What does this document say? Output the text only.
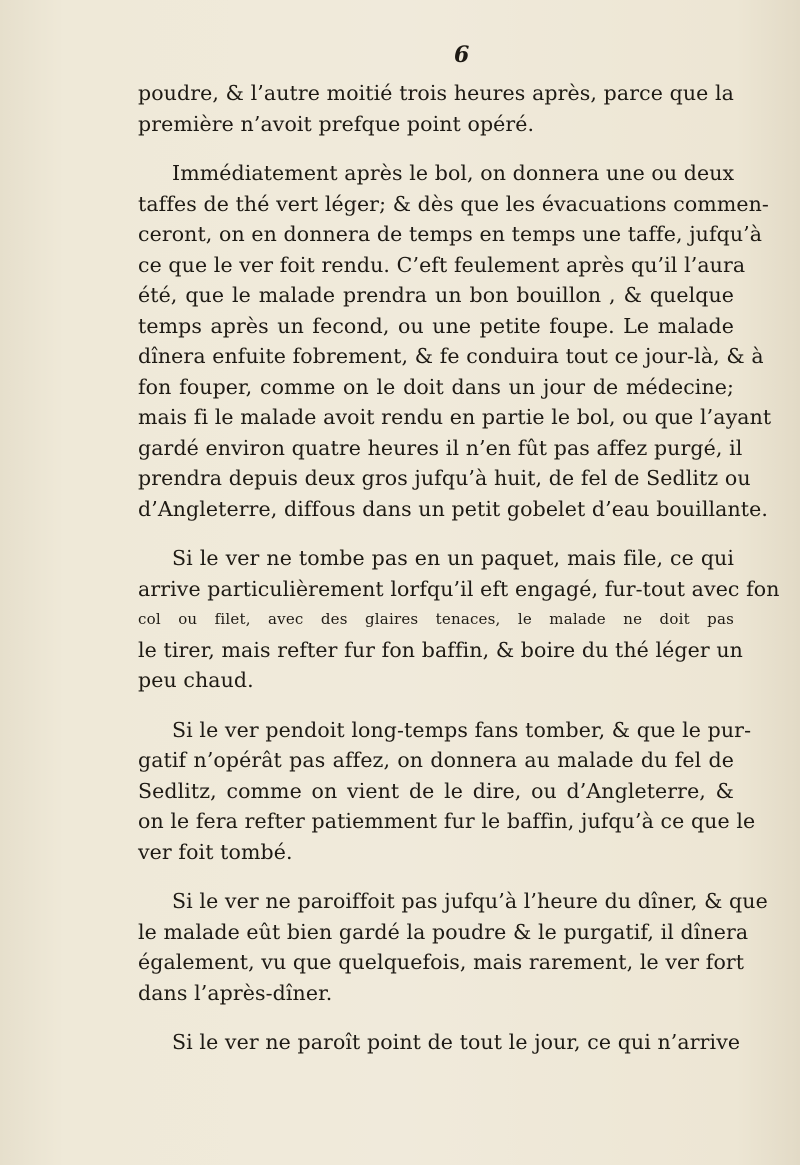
6

poudre, & l’autre moitié trois heures après, parce que la
première n’avoit prefque point opéré.

Immédiatement après le bol, on donnera une ou deux
taffes de thé vert léger; & dès que les évacuations commen-
ceront, on en donnera de temps en temps une taffe, jufqu’à
ce que le ver foit rendu. C’eft feulement après qu’il l’aura
été, que le malade prendra un bon bouillon , & quelque
temps après un fecond, ou une petite foupe. Le malade
dînera enfuite fobrement, & fe conduira tout ce jour-là, & à
fon fouper, comme on le doit dans un jour de médecine;
mais fi le malade avoit rendu en partie le bol, ou que l’ayant
gardé environ quatre heures il n’en fût pas affez purgé, il
prendra depuis deux gros jufqu’à huit, de fel de Sedlitz ou
d’Angleterre, diffous dans un petit gobelet d’eau bouillante.

Si le ver ne tombe pas en un paquet, mais file, ce qui
arrive particulièrement lorfqu’il eft engagé, fur-tout avec fon
col ou filet, avec des glaires tenaces, le malade ne doit pas
le tirer, mais refter fur fon baffin, & boire du thé léger un
peu chaud.

Si le ver pendoit long-temps fans tomber, & que le pur-
gatif n’opérât pas affez, on donnera au malade du fel de
Sedlitz, comme on vient de le dire, ou d’Angleterre, &
on le fera refter patiemment fur le baffin, jufqu’à ce que le
ver foit tombé.

Si le ver ne paroiffoit pas jufqu’à l’heure du dîner, & que
le malade eût bien gardé la poudre & le purgatif, il dînera
également, vu que quelquefois, mais rarement, le ver fort
dans l’après-dîner.

Si le ver ne paroît point de tout le jour, ce qui n’arrive
